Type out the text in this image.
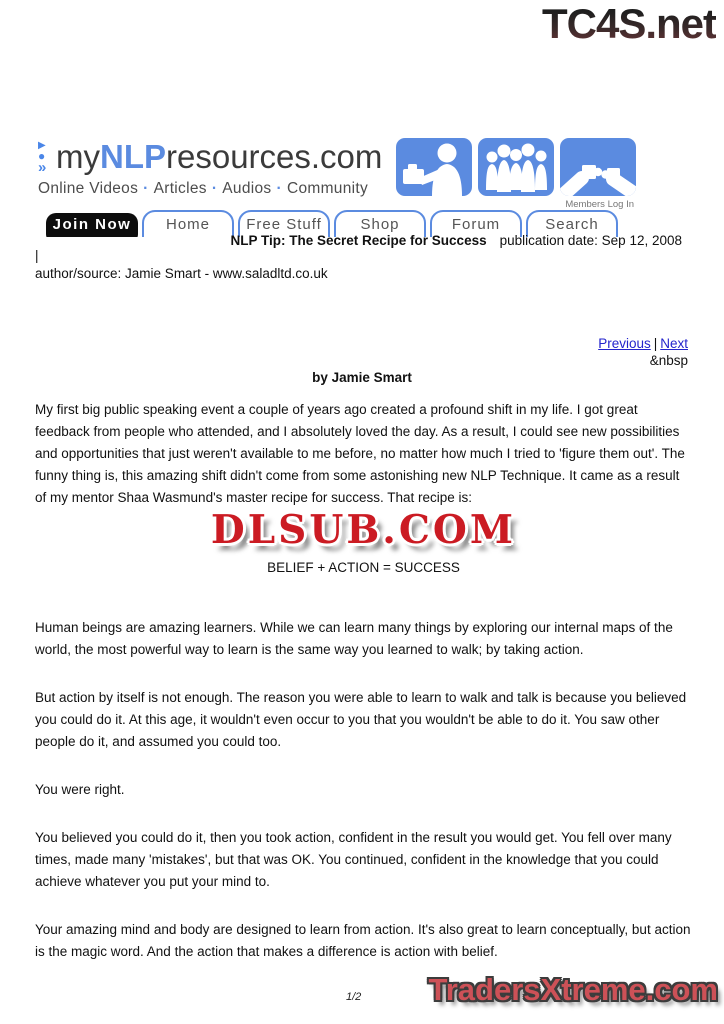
TC4S.net
▶
●
» myNLPresources.com
Online Videos · Articles · Audios · Community
Members Log In
Join Now	Home	Free Stuff	Shop	Forum	Search
NLP Tip: The Secret Recipe for Success publication date: Sep 12, 2008
|
author/source: Jamie Smart - www.saladltd.co.uk
Previous | Next
&nbsp
by Jamie Smart

My first big public speaking event a couple of years ago created a profound shift in my life. I got great feedback from people who attended, and I absolutely loved the day. As a result, I could see new possibilities and opportunities that just weren't available to me before, no matter how much I tried to 'figure them out'. The funny thing is, this amazing shift didn't come from some astonishing new NLP Technique. It came as a result of my mentor Shaa Wasmund's master recipe for success. That recipe is:

DLSUB.COM
BELIEF + ACTION = SUCCESS

Human beings are amazing learners. While we can learn many things by exploring our internal maps of the world, the most powerful way to learn is the same way you learned to walk; by taking action.

But action by itself is not enough. The reason you were able to learn to walk and talk is because you believed you could do it. At this age, it wouldn't even occur to you that you wouldn't be able to do it. You saw other people do it, and assumed you could too.

You were right.

You believed you could do it, then you took action, confident in the result you would get. You fell over many times, made many 'mistakes', but that was OK. You continued, confident in the knowledge that you could achieve whatever you put your mind to.

Your amazing mind and body are designed to learn from action. It's also great to learn conceptually, but action is the magic word. And the action that makes a difference is action with belief.

1/2 TradersXtreme.com
